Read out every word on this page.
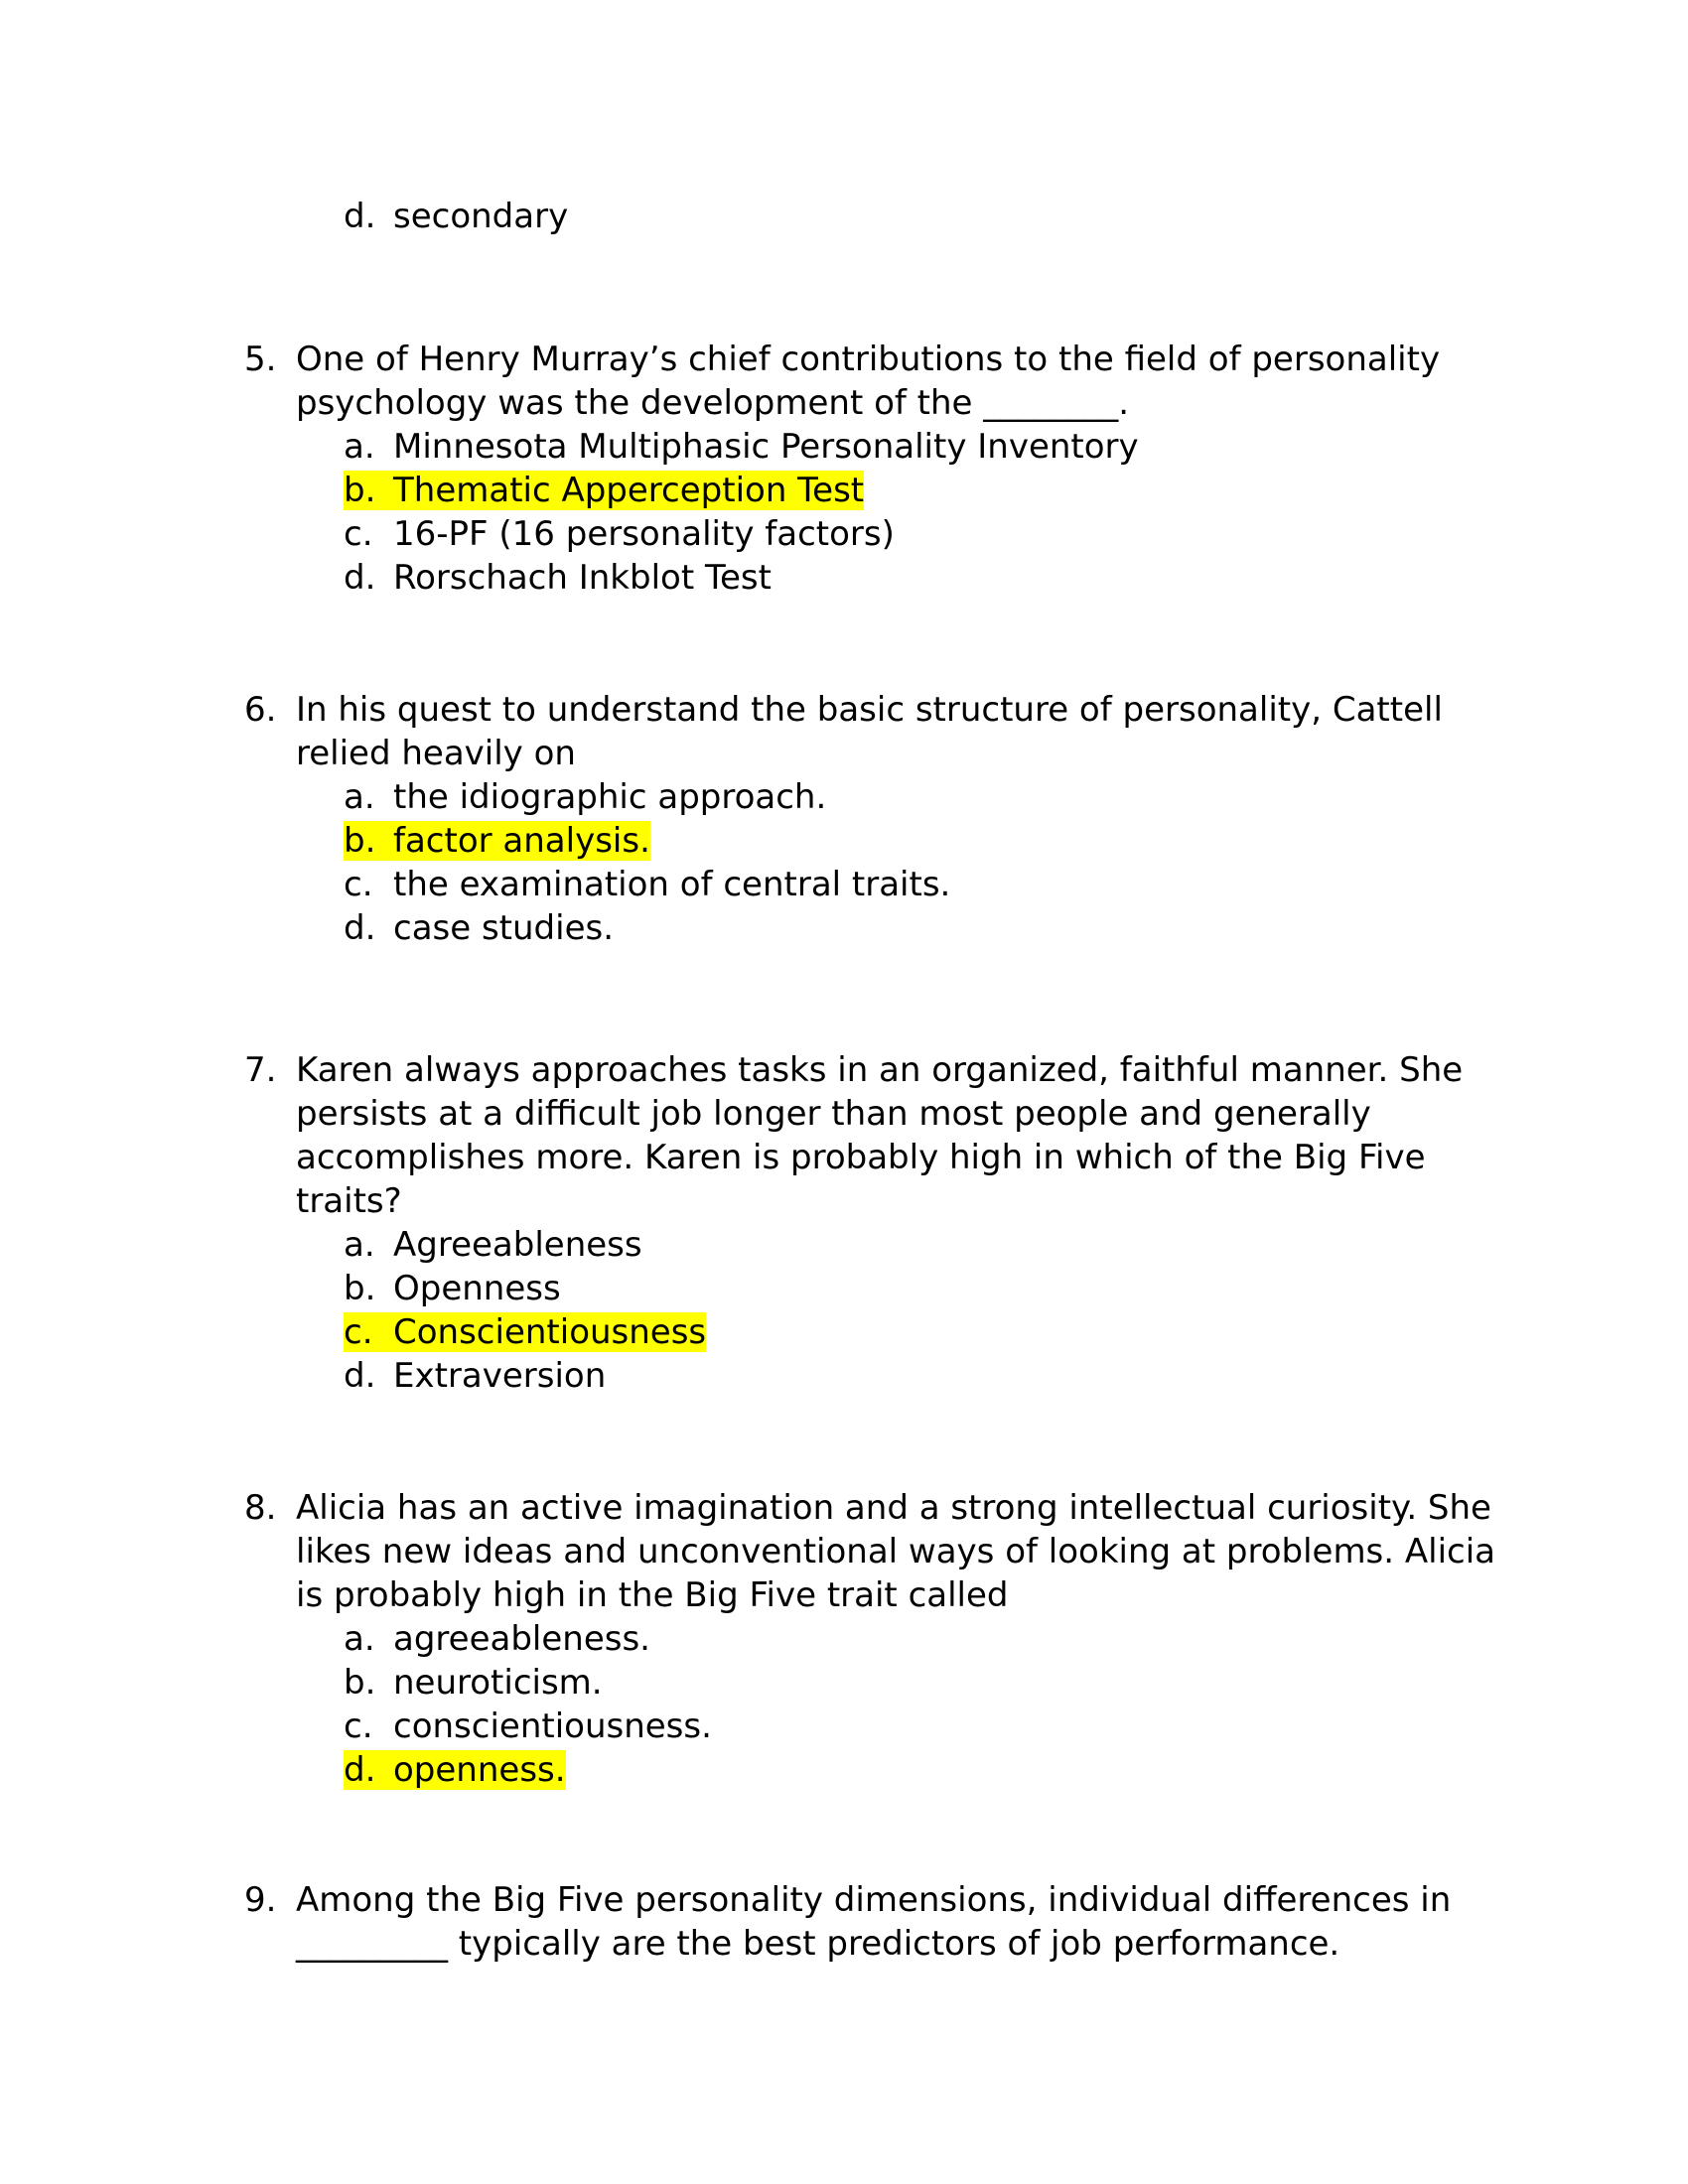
d. secondary
5. One of Henry Murray’s chief contributions to the field of personality
psychology was the development of the ________.
a. Minnesota Multiphasic Personality Inventory
b. Thematic Apperception Test
c. 16-PF (16 personality factors)
d. Rorschach Inkblot Test
6. In his quest to understand the basic structure of personality, Cattell
relied heavily on
a. the idiographic approach.
b. factor analysis.
c. the examination of central traits.
d. case studies.
7. Karen always approaches tasks in an organized, faithful manner. She
persists at a difficult job longer than most people and generally
accomplishes more. Karen is probably high in which of the Big Five
traits?
a. Agreeableness
b. Openness
c. Conscientiousness
d. Extraversion
8. Alicia has an active imagination and a strong intellectual curiosity. She
likes new ideas and unconventional ways of looking at problems. Alicia
is probably high in the Big Five trait called
a. agreeableness.
b. neuroticism.
c. conscientiousness.
d. openness.
9. Among the Big Five personality dimensions, individual differences in
_________ typically are the best predictors of job performance.
